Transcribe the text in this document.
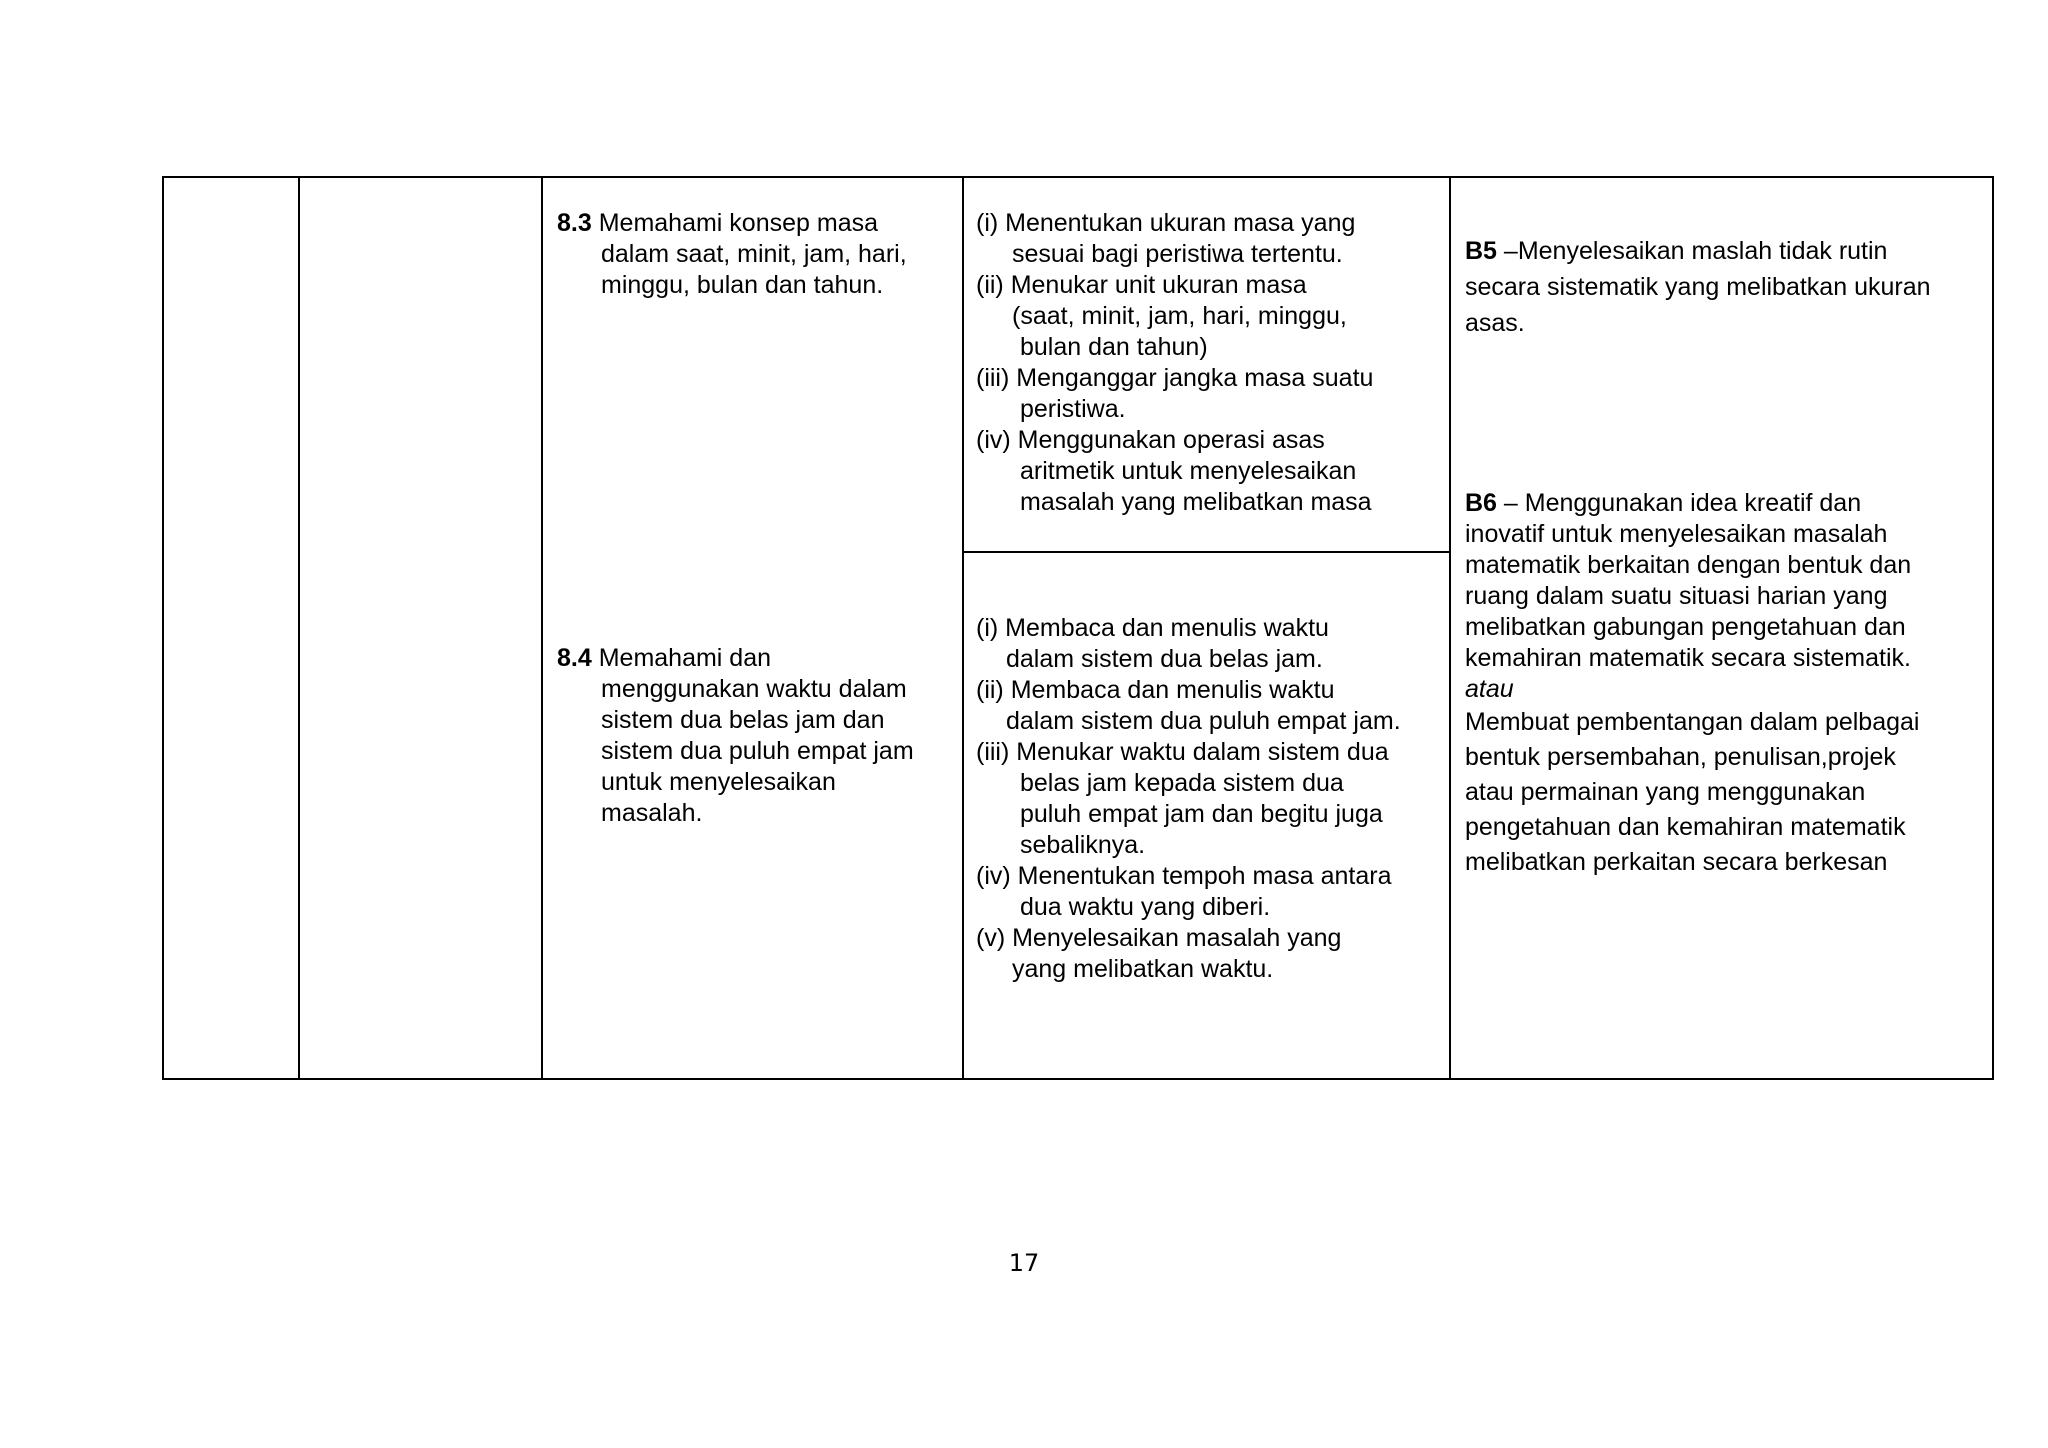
8.3 Memahami konsep masa
dalam saat, minit, jam, hari,
minggu, bulan dan tahun.
8.4 Memahami dan
menggunakan waktu dalam
sistem dua belas jam dan
sistem dua puluh empat jam
untuk menyelesaikan
masalah.
(i) Menentukan ukuran masa yang
sesuai bagi peristiwa tertentu.
(ii) Menukar unit ukuran masa
(saat, minit, jam, hari, minggu,
bulan dan tahun)
(iii) Menganggar jangka masa suatu
peristiwa.
(iv) Menggunakan operasi asas
aritmetik untuk menyelesaikan
masalah yang melibatkan masa
(i) Membaca dan menulis waktu
dalam sistem dua belas jam.
(ii) Membaca dan menulis waktu
dalam sistem dua puluh empat jam.
(iii) Menukar waktu dalam sistem dua
belas jam kepada sistem dua
puluh empat jam dan begitu juga
sebaliknya.
(iv) Menentukan tempoh masa antara
dua waktu yang diberi.
(v) Menyelesaikan masalah yang
yang melibatkan waktu.
B5 –Menyelesaikan maslah tidak rutin
secara sistematik yang melibatkan ukuran
asas.
B6 – Menggunakan idea kreatif dan
inovatif untuk menyelesaikan masalah
matematik berkaitan dengan bentuk dan
ruang dalam suatu situasi harian yang
melibatkan gabungan pengetahuan dan
kemahiran matematik secara sistematik.
atau
Membuat pembentangan dalam pelbagai
bentuk persembahan, penulisan,projek
atau permainan yang menggunakan
pengetahuan dan kemahiran matematik
melibatkan perkaitan secara berkesan
17
